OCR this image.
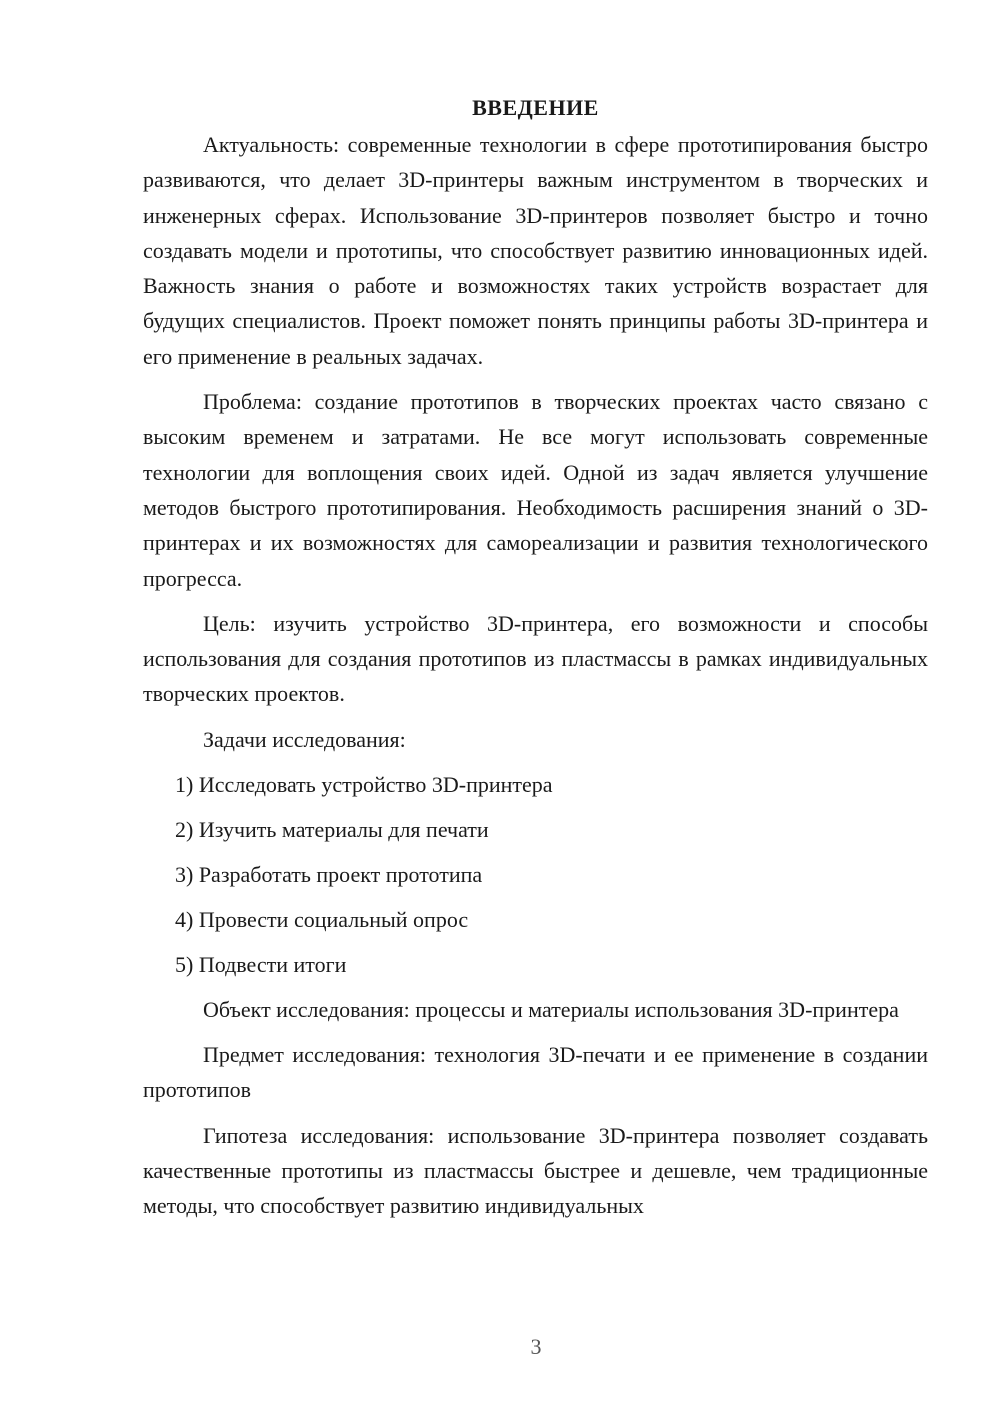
ВВЕДЕНИЕ

Актуальность: современные технологии в сфере прототипирования быстро развиваются, что делает 3D-принтеры важным инструментом в творческих и инженерных сферах. Использование 3D-принтеров позволяет быстро и точно создавать модели и прототипы, что способствует развитию инновационных идей. Важность знания о работе и возможностях таких устройств возрастает для будущих специалистов. Проект поможет понять принципы работы 3D-принтера и его применение в реальных задачах.

Проблема: создание прототипов в творческих проектах часто связано с высоким временем и затратами. Не все могут использовать современные технологии для воплощения своих идей. Одной из задач является улучшение методов быстрого прототипирования. Необходимость расширения знаний о 3D-принтерах и их возможностях для самореализации и развития технологического прогресса.

Цель: изучить устройство 3D-принтера, его возможности и способы использования для создания прототипов из пластмассы в рамках индивидуальных творческих проектов.

Задачи исследования:

1) Исследовать устройство 3D-принтера
2) Изучить материалы для печати
3) Разработать проект прототипа
4) Провести социальный опрос
5) Подвести итоги

Объект исследования: процессы и материалы использования 3D-принтера

Предмет исследования: технология 3D-печати и ее применение в создании прототипов

Гипотеза исследования: использование 3D-принтера позволяет создавать качественные прототипы из пластмассы быстрее и дешевле, чем традиционные методы, что способствует развитию индивидуальных

3
